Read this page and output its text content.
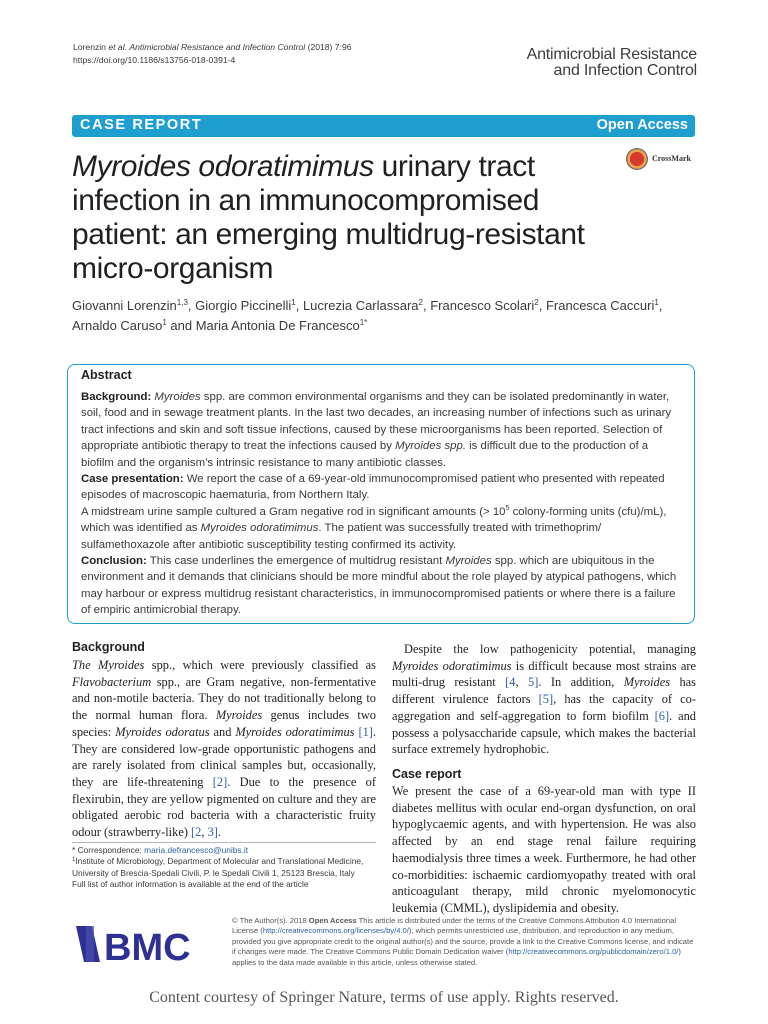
Lorenzin et al. Antimicrobial Resistance and Infection Control (2018) 7:96
https://doi.org/10.1186/s13756-018-0391-4	Antimicrobial Resistance
and Infection Control
CASE REPORT	Open Access
CrossMark
Myroides odoratimimus urinary tract infection in an immunocompromised patient: an emerging multidrug-resistant micro-organism
Giovanni Lorenzin$^{1,3}$, Giorgio Piccinelli$^1$, Lucrezia Carlassara$^2$, Francesco Scolari$^2$, Francesca Caccuri$^1$,
Arnaldo Caruso$^1$ and Maria Antonia De Francesco$^{1*}$
Abstract
Background: Myroides spp. are common environmental organisms and they can be isolated predominantly in water, soil, food and in sewage treatment plants. In the last two decades, an increasing number of infections such as urinary tract infections and skin and soft tissue infections, caused by these microorganisms has been reported. Selection of appropriate antibiotic therapy to treat the infections caused by Myroides spp. is difficult due to the production of a biofilm and the organism’s intrinsic resistance to many antibiotic classes.
Case presentation: We report the case of a 69-year-old immunocompromised patient who presented with repeated episodes of macroscopic haematuria, from Northern Italy.
A midstream urine sample cultured a Gram negative rod in significant amounts (> $10^5$ colony-forming units (cfu)/mL), which was identified as Myroides odoratimimus. The patient was successfully treated with trimethoprim/ sulfamethoxazole after antibiotic susceptibility testing confirmed its activity.
Conclusion: This case underlines the emergence of multidrug resistant Myroides spp. which are ubiquitous in the environment and it demands that clinicians should be more mindful about the role played by atypical pathogens, which may harbour or express multidrug resistant characteristics, in immunocompromised patients or where there is a failure of empiric antimicrobial therapy.
Background
The Myroides spp., which were previously classified as Flavobacterium spp., are Gram negative, non-fermentative and non-motile bacteria. They do not traditionally belong to the normal human flora. Myroides genus includes two species: Myroides odoratus and Myroides odoratimimus [1]. They are considered low-grade opportunistic pathogens and are rarely isolated from clinical samples but, occasionally, they are life-threatening [2]. Due to the presence of flexirubin, they are yellow pigmented on culture and they are obligated aerobic rod bacteria with a characteristic fruity odour (strawberry-like) [2, 3].
Despite the low pathogenicity potential, managing Myroides odoratimimus is difficult because most strains are multi-drug resistant [4, 5]. In addition, Myroides has different virulence factors [5], has the capacity of co-aggregation and self-aggregation to form biofilm [6]. and possess a polysaccharide capsule, which makes the bacterial surface extremely hydrophobic.
Case report
We present the case of a 69-year-old man with type II diabetes mellitus with ocular end-organ dysfunction, on oral hypoglycaemic agents, and with hypertension. He was also affected by an end stage renal failure requiring haemodialysis three times a week. Furthermore, he had other co-morbidities: ischaemic cardiomyopathy treated with oral anticoagulant therapy, mild chronic myelomonocytic leukemia (CMML), dyslipidemia and obesity.
* Correspondence: maria.defrancesco@unibs.it
$^1$Institute of Microbiology, Department of Molecular and Translational Medicine, University of Brescia-Spedali Civili, P. le Spedali Civili 1, 25123 Brescia, Italy
Full list of author information is available at the end of the article
BMC
© The Author(s). 2018 Open Access This article is distributed under the terms of the Creative Commons Attribution 4.0 International License (http://creativecommons.org/licenses/by/4.0/), which permits unrestricted use, distribution, and reproduction in any medium, provided you give appropriate credit to the original author(s) and the source, provide a link to the Creative Commons license, and indicate if changes were made. The Creative Commons Public Domain Dedication waiver (http://creativecommons.org/publicdomain/zero/1.0/) applies to the data made available in this article, unless otherwise stated.
Content courtesy of Springer Nature, terms of use apply. Rights reserved.
